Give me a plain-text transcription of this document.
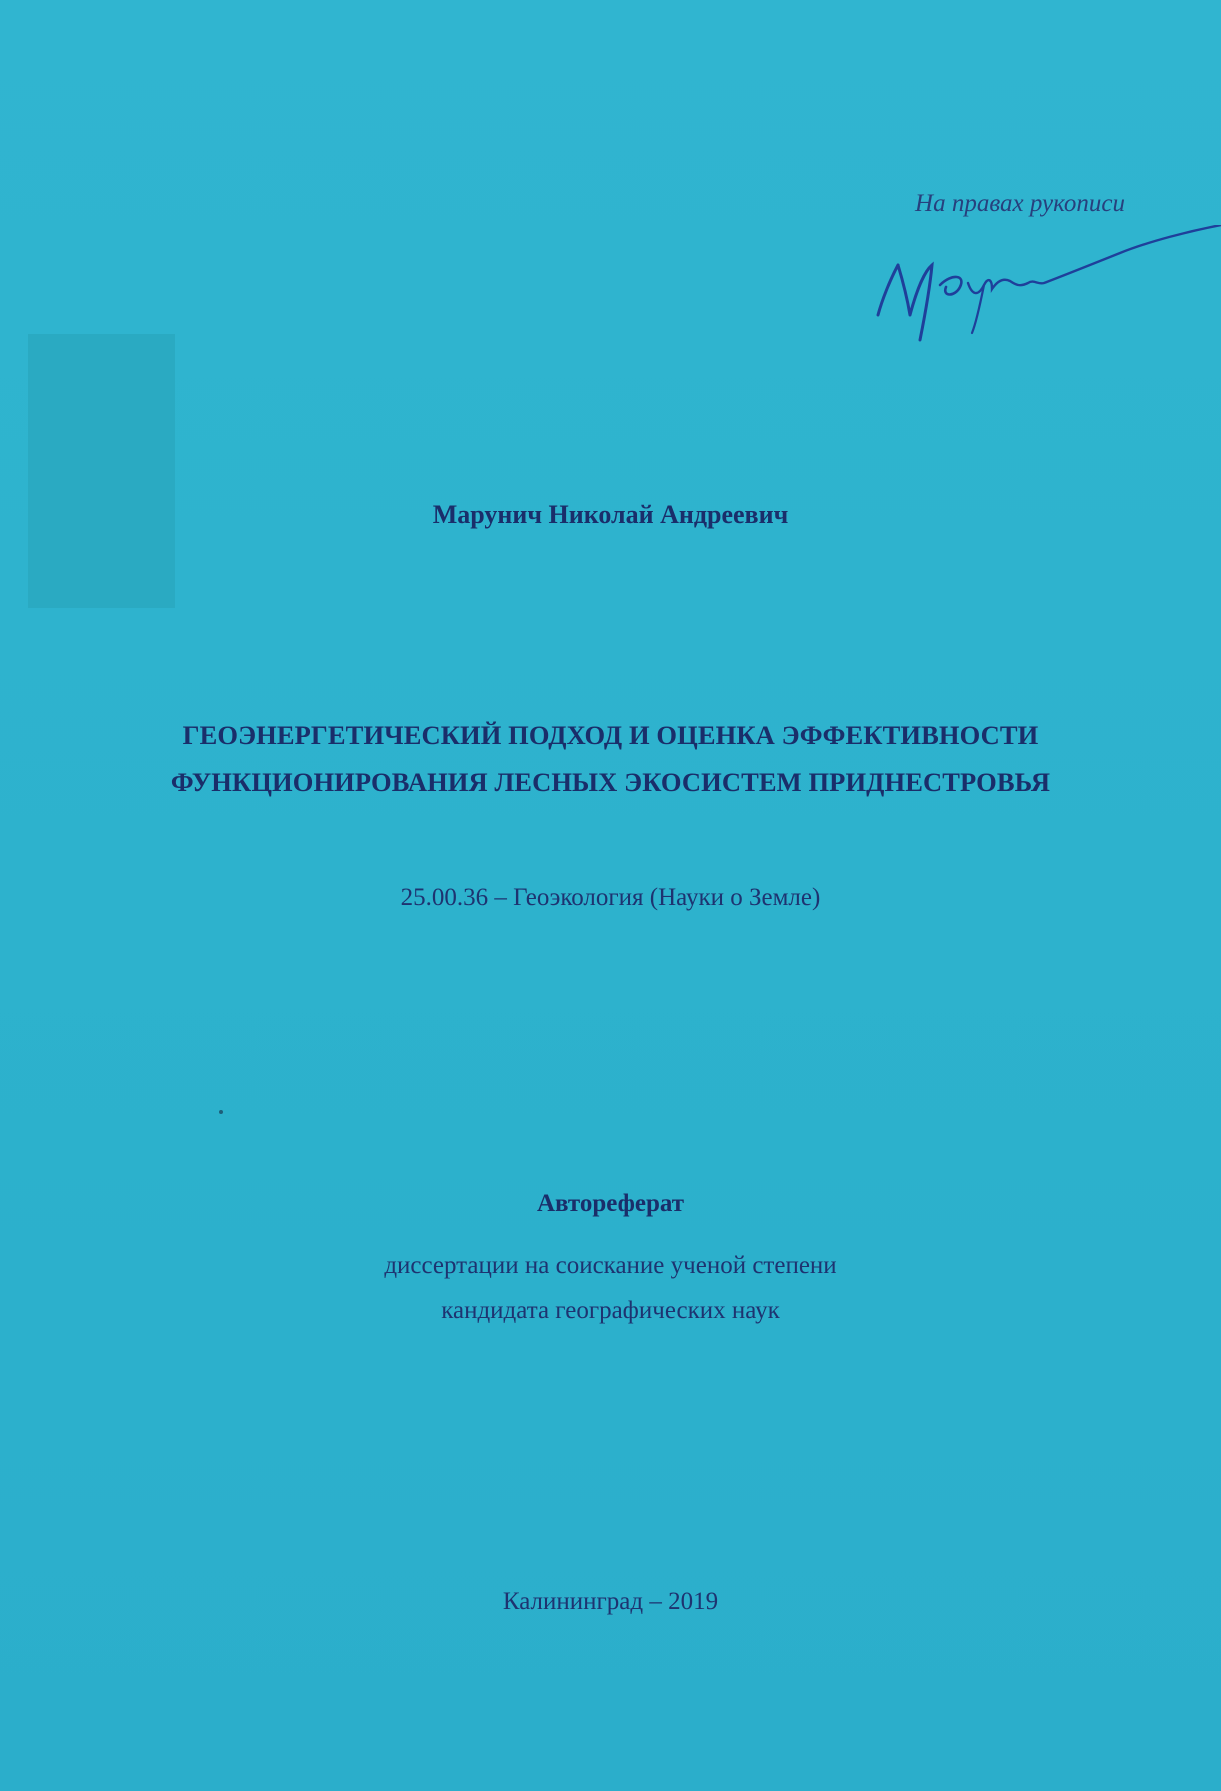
На правах рукописи
Марунич Николай Андреевич
ГЕОЭНЕРГЕТИЧЕСКИЙ ПОДХОД И ОЦЕНКА ЭФФЕКТИВНОСТИ
ФУНКЦИОНИРОВАНИЯ ЛЕСНЫХ ЭКОСИСТЕМ ПРИДНЕСТРОВЬЯ
25.00.36 – Геоэкология (Науки о Земле)
Автореферат
диссертации на соискание ученой степени
кандидата географических наук
Калининград – 2019
